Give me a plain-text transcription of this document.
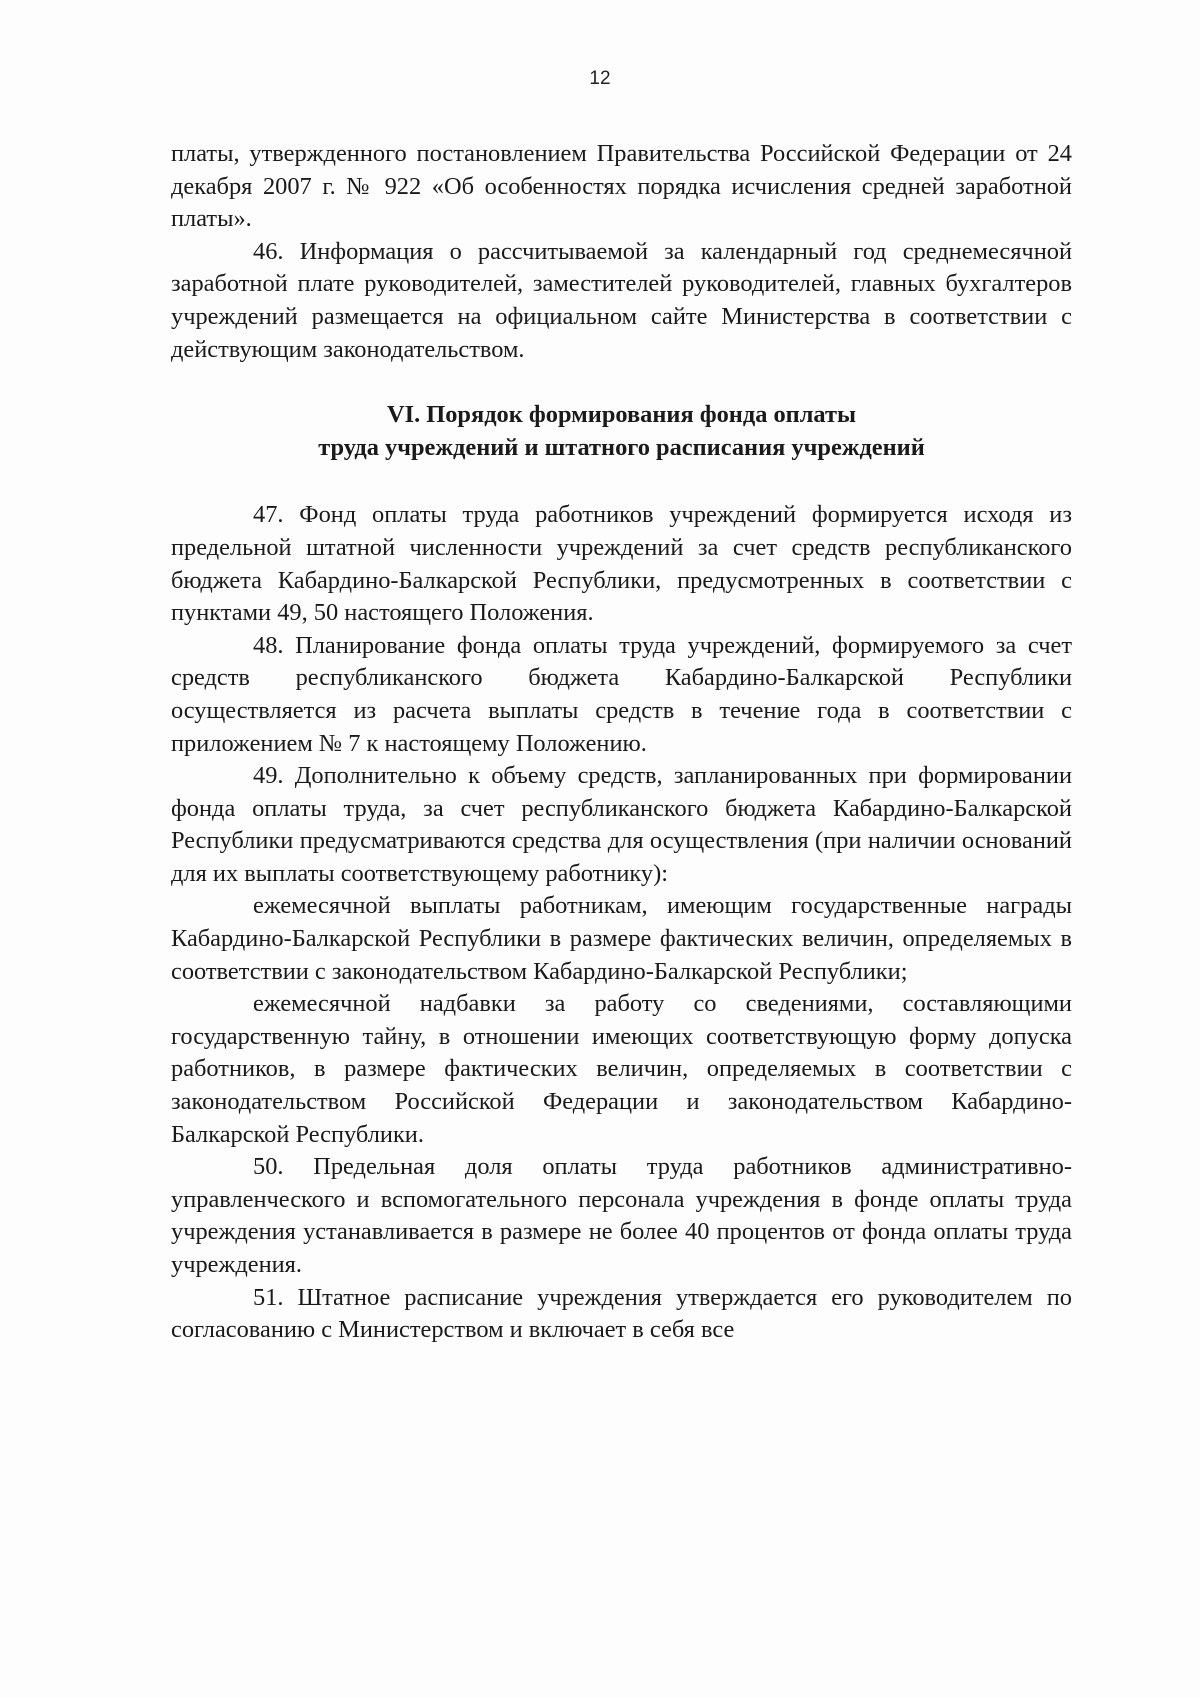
12

платы, утвержденного постановлением Правительства Российской Федерации от 24 декабря 2007 г. № 922 «Об особенностях порядка исчисления средней заработной платы».

46. Информация о рассчитываемой за календарный год среднемесячной заработной плате руководителей, заместителей руководителей, главных бухгалтеров учреждений размещается на официальном сайте Министерства в соответствии с действующим законодательством.

VI. Порядок формирования фонда оплаты
труда учреждений и штатного расписания учреждений

47. Фонд оплаты труда работников учреждений формируется исходя из предельной штатной численности учреждений за счет средств республиканского бюджета Кабардино-Балкарской Республики, предусмотренных в соответствии с пунктами 49, 50 настоящего Положения.

48. Планирование фонда оплаты труда учреждений, формируемого за счет средств республиканского бюджета Кабардино-Балкарской Республики осуществляется из расчета выплаты средств в течение года в соответствии с приложением № 7 к настоящему Положению.

49. Дополнительно к объему средств, запланированных при формировании фонда оплаты труда, за счет республиканского бюджета Кабардино-Балкарской Республики предусматриваются средства для осуществления (при наличии оснований для их выплаты соответствующему работнику):

ежемесячной выплаты работникам, имеющим государственные награды Кабардино-Балкарской Республики в размере фактических величин, определяемых в соответствии с законодательством Кабардино-Балкарской Республики;

ежемесячной надбавки за работу со сведениями, составляющими государственную тайну, в отношении имеющих соответствующую форму допуска работников, в размере фактических величин, определяемых в соответствии с законодательством Российской Федерации и законодательством Кабардино-Балкарской Республики.

50. Предельная доля оплаты труда работников административно-управленческого и вспомогательного персонала учреждения в фонде оплаты труда учреждения устанавливается в размере не более 40 процентов от фонда оплаты труда учреждения.

51. Штатное расписание учреждения утверждается его руководителем по согласованию с Министерством и включает в себя все
